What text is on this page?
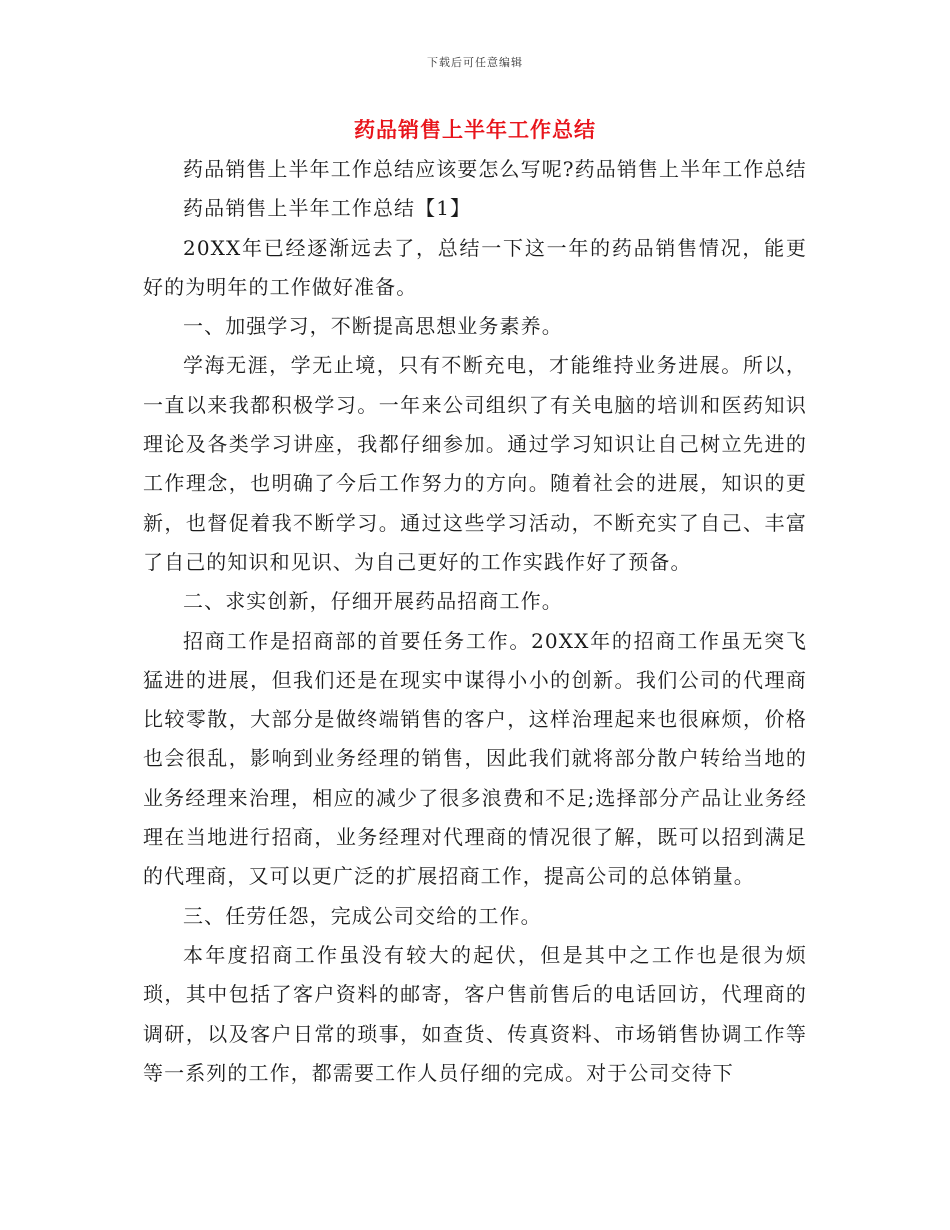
下载后可任意编辑
药品销售上半年工作总结

药品销售上半年工作总结应该要怎么写呢?药品销售上半年工作总结

药品销售上半年工作总结【1】

20XX年已经逐渐远去了，总结一下这一年的药品销售情况，能更好的为明年的工作做好准备。

一、加强学习，不断提高思想业务素养。

学海无涯，学无止境，只有不断充电，才能维持业务进展。所以，一直以来我都积极学习。一年来公司组织了有关电脑的培训和医药知识理论及各类学习讲座，我都仔细参加。通过学习知识让自己树立先进的工作理念，也明确了今后工作努力的方向。随着社会的进展，知识的更新，也督促着我不断学习。通过这些学习活动，不断充实了自己、丰富了自己的知识和见识、为自己更好的工作实践作好了预备。

二、求实创新，仔细开展药品招商工作。

招商工作是招商部的首要任务工作。20XX年的招商工作虽无突飞猛进的进展，但我们还是在现实中谋得小小的创新。我们公司的代理商比较零散，大部分是做终端销售的客户，这样治理起来也很麻烦，价格也会很乱，影响到业务经理的销售，因此我们就将部分散户转给当地的业务经理来治理，相应的减少了很多浪费和不足;选择部分产品让业务经理在当地进行招商，业务经理对代理商的情况很了解，既可以招到满足的代理商，又可以更广泛的扩展招商工作，提高公司的总体销量。

三、任劳任怨，完成公司交给的工作。

本年度招商工作虽没有较大的起伏，但是其中之工作也是很为烦琐，其中包括了客户资料的邮寄，客户售前售后的电话回访，代理商的调研，以及客户日常的琐事，如查货、传真资料、市场销售协调工作等等一系列的工作，都需要工作人员仔细的完成。对于公司交待下
